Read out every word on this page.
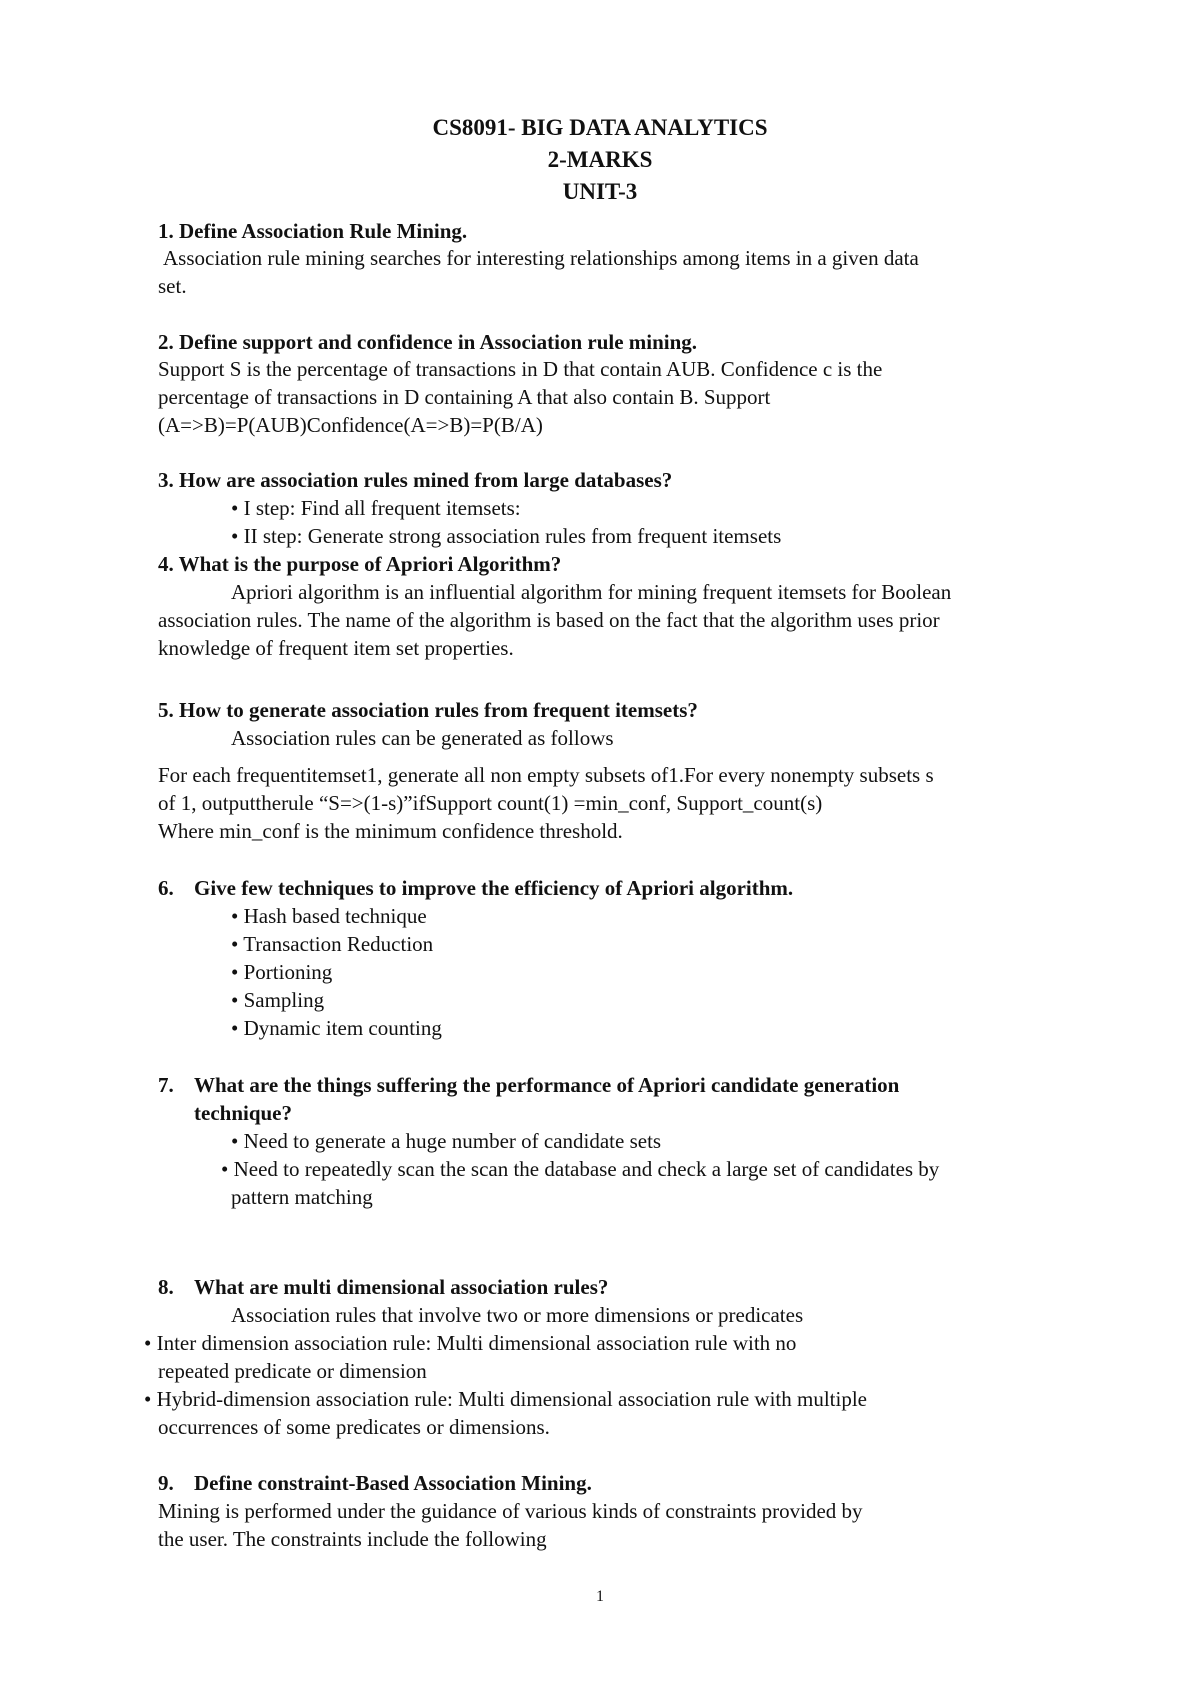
CS8091- BIG DATA ANALYTICS
2-MARKS
UNIT-3
1. Define Association Rule Mining.
Association rule mining searches for interesting relationships among items in a given data
set.
2. Define support and confidence in Association rule mining.
Support S is the percentage of transactions in D that contain AUB. Confidence c is the
percentage of transactions in D containing A that also contain B. Support
(A=>B)=P(AUB)Confidence(A=>B)=P(B/A)
3. How are association rules mined from large databases?
• I step: Find all frequent itemsets:
• II step: Generate strong association rules from frequent itemsets
4. What is the purpose of Apriori Algorithm?
Apriori algorithm is an influential algorithm for mining frequent itemsets for Boolean
association rules. The name of the algorithm is based on the fact that the algorithm uses prior
knowledge of frequent item set properties.
5. How to generate association rules from frequent itemsets?
Association rules can be generated as follows
For each frequentitemset1, generate all non empty subsets of1.For every nonempty subsets s
of 1, outputtherule “S=>(1-s)”ifSupport count(1) =min_conf, Support_count(s)
Where min_conf is the minimum confidence threshold.
6. Give few techniques to improve the efficiency of Apriori algorithm.
• Hash based technique
• Transaction Reduction
• Portioning
• Sampling
• Dynamic item counting
7. What are the things suffering the performance of Apriori candidate generation
technique?
• Need to generate a huge number of candidate sets
• Need to repeatedly scan the scan the database and check a large set of candidates by
pattern matching
8. What are multi dimensional association rules?
Association rules that involve two or more dimensions or predicates
• Inter dimension association rule: Multi dimensional association rule with no
repeated predicate or dimension
• Hybrid-dimension association rule: Multi dimensional association rule with multiple
occurrences of some predicates or dimensions.
9. Define constraint-Based Association Mining.
Mining is performed under the guidance of various kinds of constraints provided by
the user. The constraints include the following
1
